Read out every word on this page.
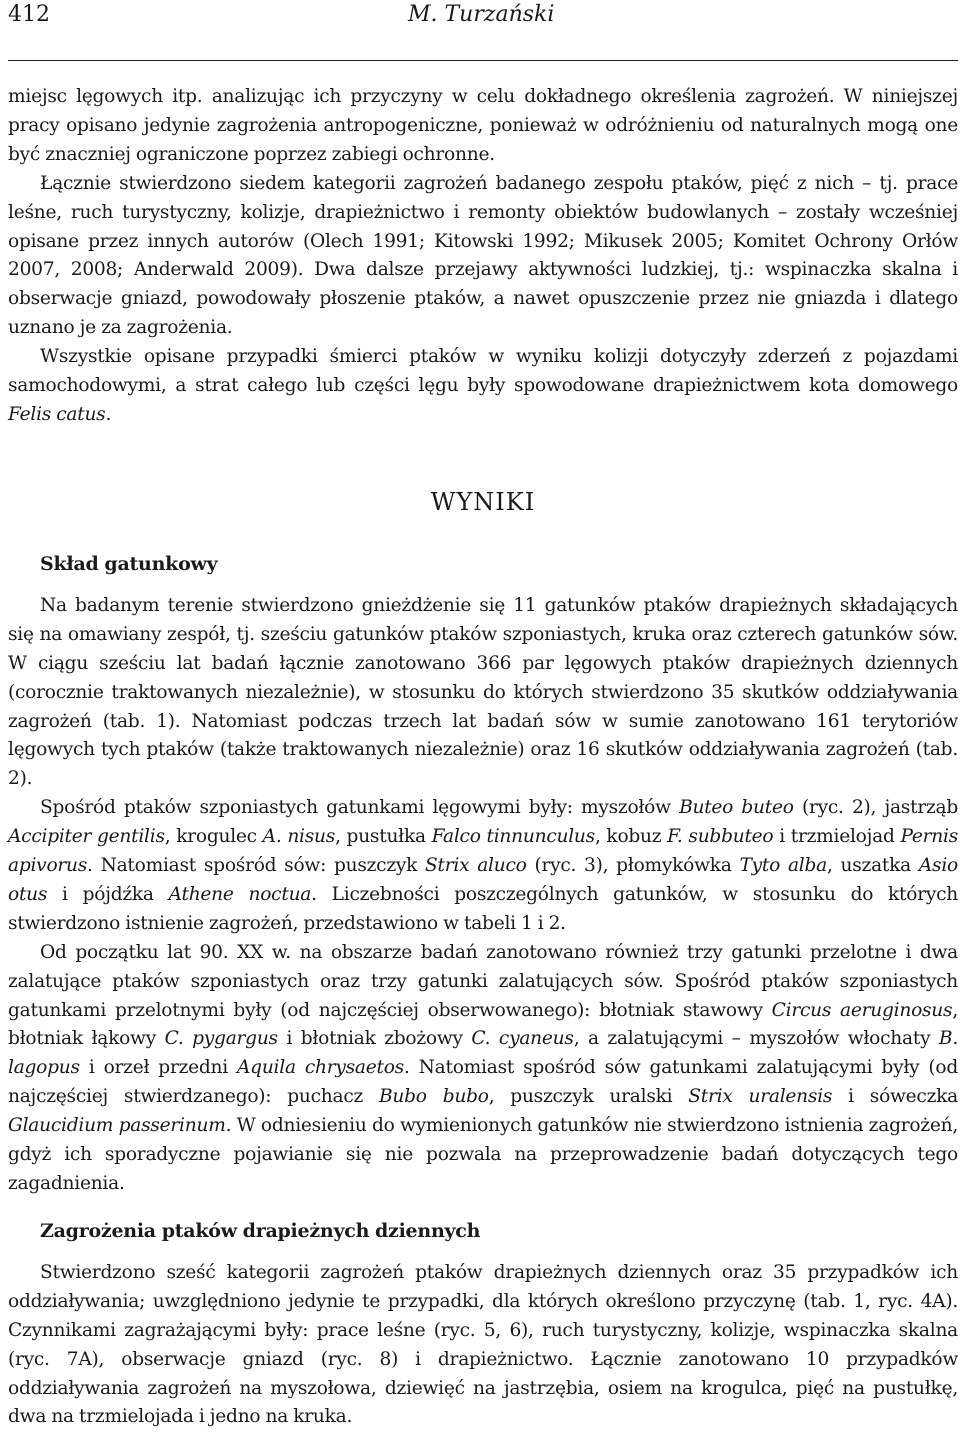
412	M. Turzański

miejsc lęgowych itp. analizując ich przyczyny w celu dokładnego określenia zagrożeń. W niniejszej pracy opisano jedynie zagrożenia antropogeniczne, ponieważ w odróżnieniu od naturalnych mogą one być znaczniej ograniczone poprzez zabiegi ochronne.

Łącznie stwierdzono siedem kategorii zagrożeń badanego zespołu ptaków, pięć z nich – tj. prace leśne, ruch turystyczny, kolizje, drapieżnictwo i remonty obiektów budowlanych – zostały wcześniej opisane przez innych autorów (Olech 1991; Kitowski 1992; Mikusek 2005; Komitet Ochrony Orłów 2007, 2008; Anderwald 2009). Dwa dalsze przejawy aktywności ludzkiej, tj.: wspinaczka skalna i obserwacje gniazd, powodowały płoszenie ptaków, a nawet opuszczenie przez nie gniazda i dlatego uznano je za zagrożenia.

Wszystkie opisane przypadki śmierci ptaków w wyniku kolizji dotyczyły zderzeń z pojazdami samochodowymi, a strat całego lub części lęgu były spowodowane drapieżnictwem kota domowego Felis catus.

WYNIKI
Skład gatunkowy

Na badanym terenie stwierdzono gnieżdżenie się 11 gatunków ptaków drapieżnych składających się na omawiany zespół, tj. sześciu gatunków ptaków szponiastych, kruka oraz czterech gatunków sów. W ciągu sześciu lat badań łącznie zanotowano 366 par lęgowych ptaków drapieżnych dziennych (corocznie traktowanych niezależnie), w stosunku do których stwierdzono 35 skutków oddziaływania zagrożeń (tab. 1). Natomiast podczas trzech lat badań sów w sumie zanotowano 161 terytoriów lęgowych tych ptaków (także traktowanych niezależnie) oraz 16 skutków oddziaływania zagrożeń (tab. 2).

Spośród ptaków szponiastych gatunkami lęgowymi były: myszołów Buteo buteo (ryc. 2), jastrząb Accipiter gentilis, krogulec A. nisus, pustułka Falco tinnunculus, kobuz F. subbuteo i trzmielojad Pernis apivorus. Natomiast spośród sów: puszczyk Strix aluco (ryc. 3), płomykówka Tyto alba, uszatka Asio otus i pójdźka Athene noctua. Liczebności poszczególnych gatunków, w stosunku do których stwierdzono istnienie zagrożeń, przedstawiono w tabeli 1 i 2.

Od początku lat 90. XX w. na obszarze badań zanotowano również trzy gatunki przelotne i dwa zalatujące ptaków szponiastych oraz trzy gatunki zalatujących sów. Spośród ptaków szponiastych gatunkami przelotnymi były (od najczęściej obserwowanego): błotniak stawowy Circus aeruginosus, błotniak łąkowy C. pygargus i błotniak zbożowy C. cyaneus, a zalatującymi – myszołów włochaty B. lagopus i orzeł przedni Aquila chrysaetos. Natomiast spośród sów gatunkami zalatującymi były (od najczęściej stwierdzanego): puchacz Bubo bubo, puszczyk uralski Strix uralensis i sóweczka Glaucidium passerinum. W odniesieniu do wymienionych gatunków nie stwierdzono istnienia zagrożeń, gdyż ich sporadyczne pojawianie się nie pozwala na przeprowadzenie badań dotyczących tego zagadnienia.

Zagrożenia ptaków drapieżnych dziennych

Stwierdzono sześć kategorii zagrożeń ptaków drapieżnych dziennych oraz 35 przypadków ich oddziaływania; uwzględniono jedynie te przypadki, dla których określono przyczynę (tab. 1, ryc. 4A). Czynnikami zagrażającymi były: prace leśne (ryc. 5, 6), ruch turystyczny, kolizje, wspinaczka skalna (ryc. 7A), obserwacje gniazd (ryc. 8) i drapieżnictwo. Łącznie zanotowano 10 przypadków oddziaływania zagrożeń na myszołowa, dziewięć na jastrzębia, osiem na krogulca, pięć na pustułkę, dwa na trzmielojada i jedno na kruka.
